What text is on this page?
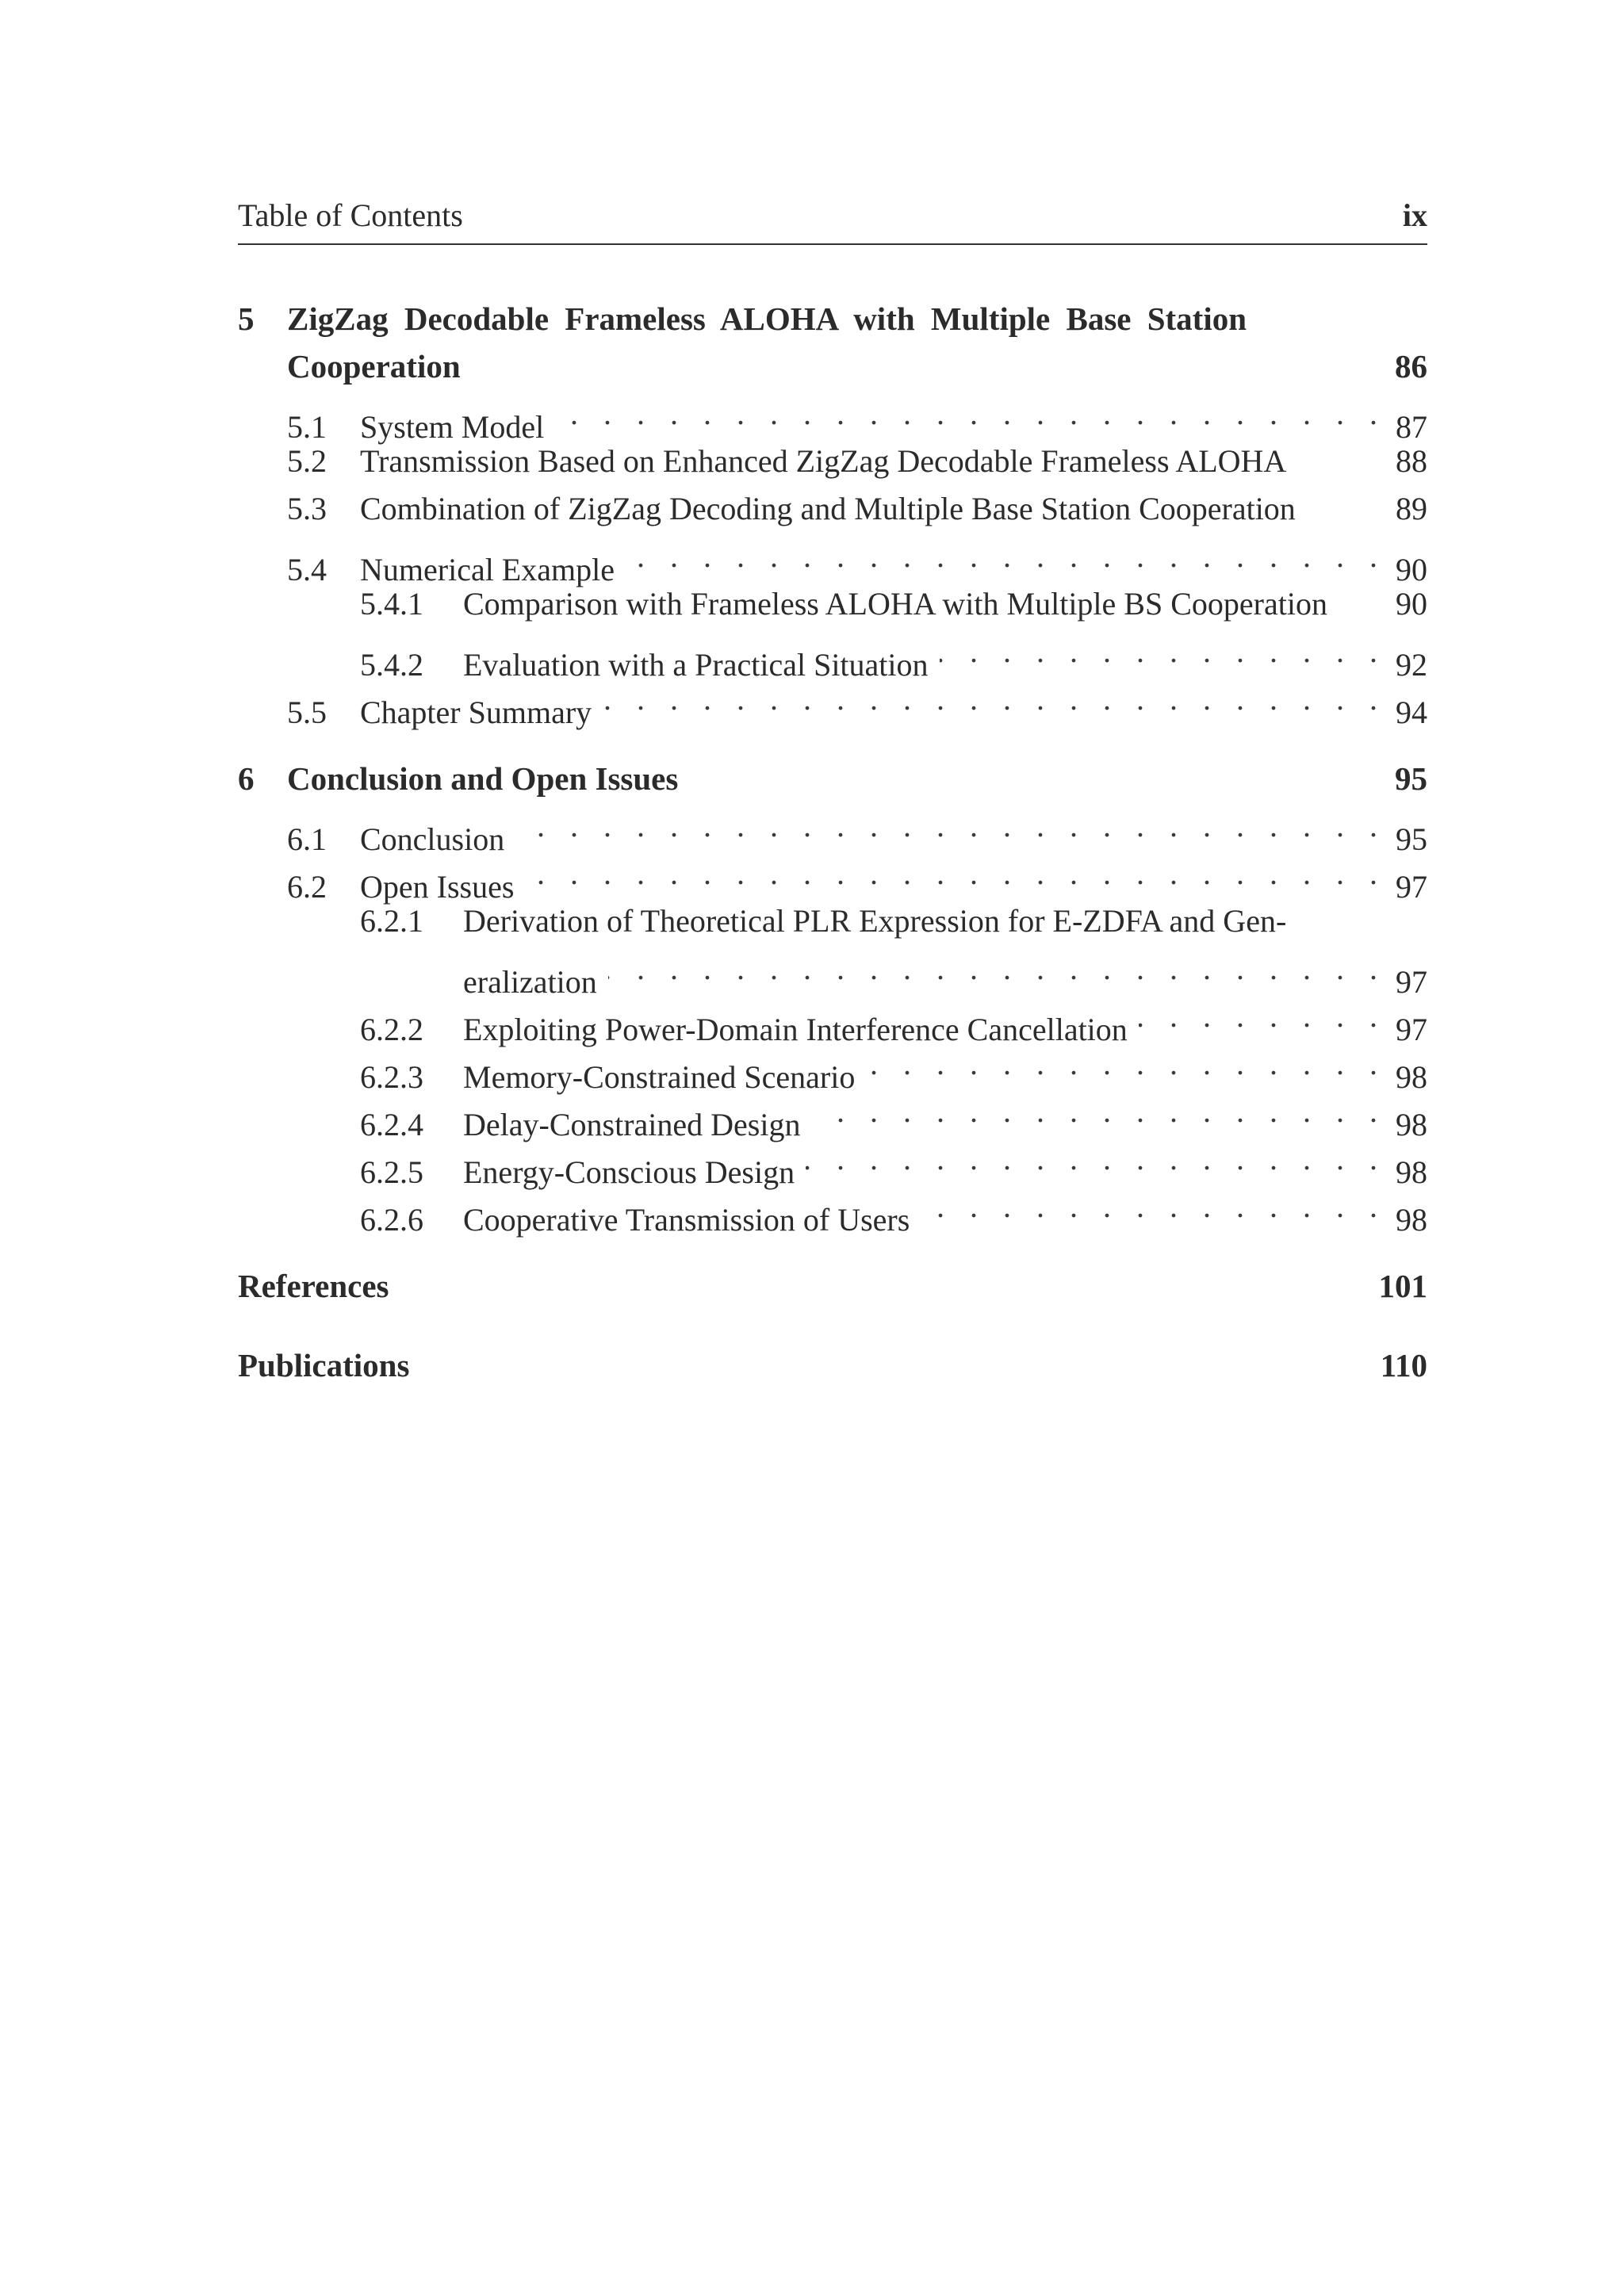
Table of Contents	ix
5	ZigZag Decodable Frameless ALOHA with Multiple Base Station
Cooperation	86
5.1	System Model . . .	87
5.2	Transmission Based on Enhanced ZigZag Decodable Frameless ALOHA	88
5.3	Combination of ZigZag Decoding and Multiple Base Station Cooperation	89
5.4	Numerical Example . . .	90
5.4.1	Comparison with Frameless ALOHA with Multiple BS Cooperation 90
5.4.2	Evaluation with a Practical Situation . . .	92
5.5	Chapter Summary . . .	94
6	Conclusion and Open Issues	95
6.1	Conclusion . . .	95
6.2	Open Issues . . .	97
6.2.1	Derivation of Theoretical PLR Expression for E-ZDFA and Gen-
eralization . . .	97
6.2.2	Exploiting Power-Domain Interference Cancellation . . .	97
6.2.3	Memory-Constrained Scenario . . .	98
6.2.4	Delay-Constrained Design . . .	98
6.2.5	Energy-Conscious Design . . .	98
6.2.6	Cooperative Transmission of Users . . .	98
References	101
Publications	110
